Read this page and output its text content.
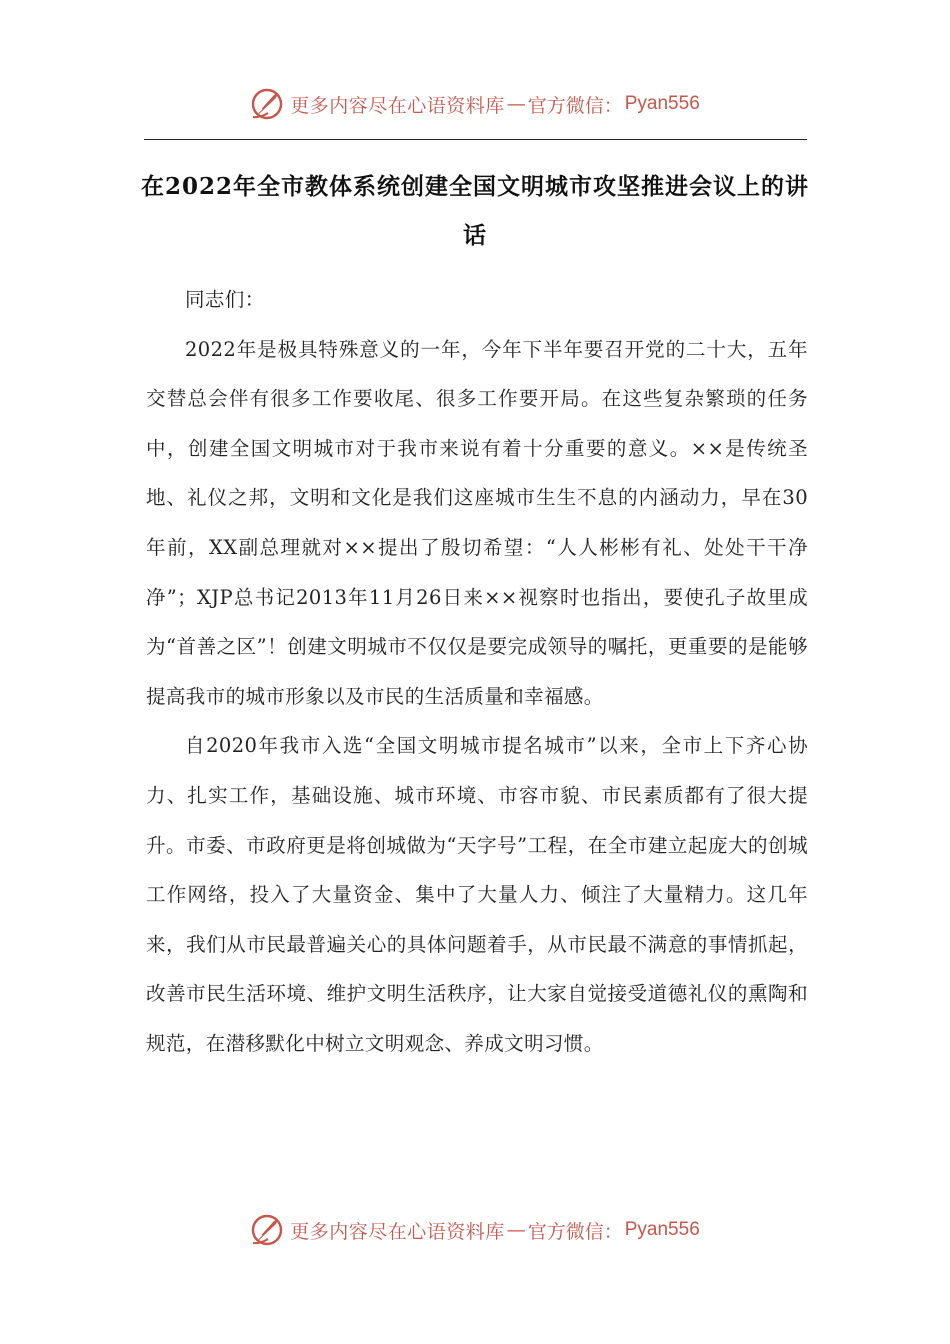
更多内容尽在心语资料库 — 官方微信： Pyan556
在2022年全市教体系统创建全国文明城市攻坚推进会议上的讲话

同志们：

2022年是极具特殊意义的一年，今年下半年要召开党的二十大，五年交替总会伴有很多工作要收尾、很多工作要开局。在这些复杂繁琐的任务中，创建全国文明城市对于我市来说有着十分重要的意义。××是传统圣地、礼仪之邦，文明和文化是我们这座城市生生不息的内涵动力，早在30年前，XX副总理就对××提出了殷切希望：“人人彬彬有礼、处处干干净净”；XJP总书记2013年11月26日来××视察时也指出，要使孔子故里成为“首善之区”！创建文明城市不仅仅是要完成领导的嘱托，更重要的是能够提高我市的城市形象以及市民的生活质量和幸福感。

自2020年我市入选“全国文明城市提名城市”以来，全市上下齐心协力、扎实工作，基础设施、城市环境、市容市貌、市民素质都有了很大提升。市委、市政府更是将创城做为“天字号”工程，在全市建立起庞大的创城工作网络，投入了大量资金、集中了大量人力、倾注了大量精力。这几年来，我们从市民最普遍关心的具体问题着手，从市民最不满意的事情抓起，改善市民生活环境、维护文明生活秩序，让大家自觉接受道德礼仪的熏陶和规范，在潜移默化中树立文明观念、养成文明习惯。

更多内容尽在心语资料库 — 官方微信： Pyan556
